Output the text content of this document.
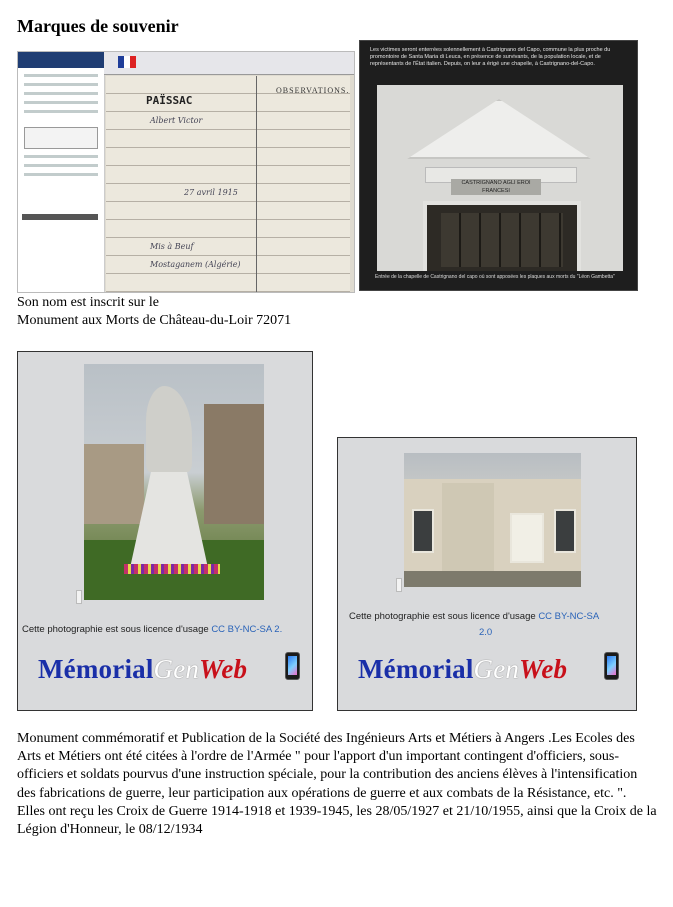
Marques de souvenir
PAÏSSAC
OBSERVATIONS.
Albert Victor
27 avril 1915
Mis à Beuf
Mostaganem (Algérie)
Les victimes seront enterrées solennellement à Castrignano del Capo, commune la plus proche du promontoire de Santa Maria di Leuca, en présence de survivants, de la population locale, et de représentants de l'État italien. Depuis, on leur a érigé une chapelle, à Castrignano-del-Capo.
CASTRIGNANO AGLI EROI FRANCESI
Entrée de la chapelle de Castrignano del capo où sont apposées les plaques aux morts du "Léon Gambetta"
Son nom est inscrit sur le
Monument aux Morts de Château-du-Loir 72071
Cette photographie est sous licence d'usage CC BY-NC-SA 2.
MémorialGenWeb
Cette photographie est sous licence d'usage CC BY-NC-SA
2.0
MémorialGenWeb

Monument commémoratif et Publication de la Société des Ingénieurs Arts et Métiers à Angers .Les Ecoles des Arts et Métiers ont été citées à l'ordre de l'Armée " pour l'apport d'un important contingent d'officiers, sous-officiers et soldats pourvus d'une instruction spéciale, pour la contribution des anciens élèves à l'intensification des fabrications de guerre, leur participation aux opérations de guerre et aux combats de la Résistance, etc. ". Elles ont reçu les Croix de Guerre 1914-1918 et 1939-1945, les 28/05/1927 et 21/10/1955, ainsi que la Croix de la Légion d'Honneur, le 08/12/1934
